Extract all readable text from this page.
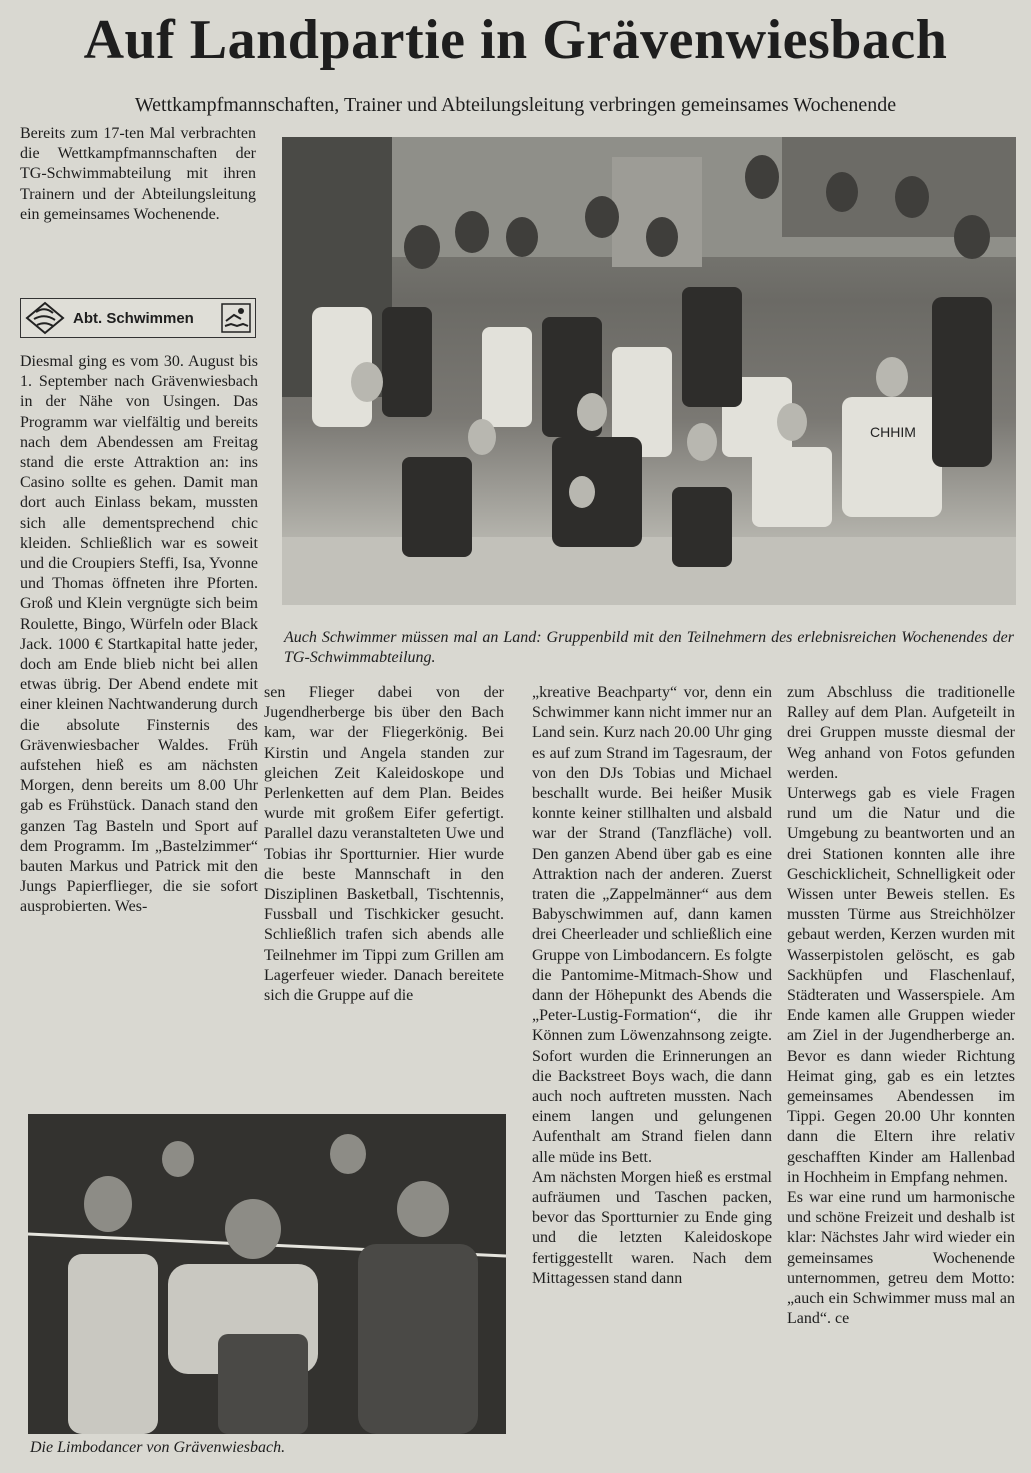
Auf Landpartie in Grävenwiesbach
Wettkampfmannschaften, Trainer und Abteilungsleitung verbringen gemeinsames Wochenende

Bereits zum 17-ten Mal verbrachten die Wettkampfmannschaften der TG-Schwimmabteilung mit ihren Trainern und der Abteilungsleitung ein gemeinsames Wochenende.

Abt. Schwimmen

Diesmal ging es vom 30. August bis 1. September nach Grävenwiesbach in der Nähe von Usingen. Das Programm war vielfältig und bereits nach dem Abendessen am Freitag stand die erste Attraktion an: ins Casino sollte es gehen. Damit man dort auch Einlass bekam, mussten sich alle dementsprechend chic kleiden. Schließlich war es soweit und die Croupiers Steffi, Isa, Yvonne und Thomas öffneten ihre Pforten. Groß und Klein vergnügte sich beim Roulette, Bingo, Würfeln oder Black Jack. 1000 € Startkapital hatte jeder, doch am Ende blieb nicht bei allen etwas übrig. Der Abend endete mit einer kleinen Nachtwanderung durch die absolute Finsternis des Grävenwiesbacher Waldes. Früh aufstehen hieß es am nächsten Morgen, denn bereits um 8.00 Uhr gab es Frühstück. Danach stand den ganzen Tag Basteln und Sport auf dem Programm. Im „Bastelzimmer“ bauten Markus und Patrick mit den Jungs Papierflieger, die sie sofort ausprobierten. Wes-

CHHIM
Auch Schwimmer müssen mal an Land: Gruppenbild mit den Teilnehmern des erlebnisreichen Wochenendes der TG-Schwimmabteilung.

sen Flieger dabei von der Jugendherberge bis über den Bach kam, war der Fliegerkönig. Bei Kirstin und Angela standen zur gleichen Zeit Kaleidoskope und Perlenketten auf dem Plan. Beides wurde mit großem Eifer gefertigt. Parallel dazu veranstalteten Uwe und Tobias ihr Sportturnier. Hier wurde die beste Mannschaft in den Disziplinen Basketball, Tischtennis, Fussball und Tischkicker gesucht. Schließlich trafen sich abends alle Teilnehmer im Tippi zum Grillen am Lagerfeuer wieder. Danach bereitete sich die Gruppe auf die

„kreative Beachparty“ vor, denn ein Schwimmer kann nicht immer nur an Land sein. Kurz nach 20.00 Uhr ging es auf zum Strand im Tagesraum, der von den DJs Tobias und Michael beschallt wurde. Bei heißer Musik konnte keiner stillhalten und alsbald war der Strand (Tanzfläche) voll. Den ganzen Abend über gab es eine Attraktion nach der anderen. Zuerst traten die „Zappelmänner“ aus dem Babyschwimmen auf, dann kamen drei Cheerleader und schließlich eine Gruppe von Limbodancern. Es folgte die Pantomime-Mitmach-Show und dann der Höhepunkt des Abends die „Peter-Lustig-Formation“, die ihr Können zum Löwenzahnsong zeigte. Sofort wurden die Erinnerungen an die Backstreet Boys wach, die dann auch noch auftreten mussten. Nach einem langen und gelungenen Aufenthalt am Strand fielen dann alle müde ins Bett.

Am nächsten Morgen hieß es erstmal aufräumen und Taschen packen, bevor das Sportturnier zu Ende ging und die letzten Kaleidoskope fertiggestellt waren. Nach dem Mittagessen stand dann

zum Abschluss die traditionelle Ralley auf dem Plan. Aufgeteilt in drei Gruppen musste diesmal der Weg anhand von Fotos gefunden werden.

Unterwegs gab es viele Fragen rund um die Natur und die Umgebung zu beantworten und an drei Stationen konnten alle ihre Geschicklicheit, Schnelligkeit oder Wissen unter Beweis stellen. Es mussten Türme aus Streichhölzer gebaut werden, Kerzen wurden mit Wasserpistolen gelöscht, es gab Sackhüpfen und Flaschenlauf, Städteraten und Wasserspiele. Am Ende kamen alle Gruppen wieder am Ziel in der Jugendherberge an. Bevor es dann wieder Richtung Heimat ging, gab es ein letztes gemeinsames Abendessen im Tippi. Gegen 20.00 Uhr konnten dann die Eltern ihre relativ geschafften Kinder am Hallenbad in Hochheim in Empfang nehmen.

Es war eine rund um harmonische und schöne Freizeit und deshalb ist klar: Nächstes Jahr wird wieder ein gemeinsames Wochenende unternommen, getreu dem Motto: „auch ein Schwimmer muss mal an Land“. ce

Die Limbodancer von Grävenwiesbach.
